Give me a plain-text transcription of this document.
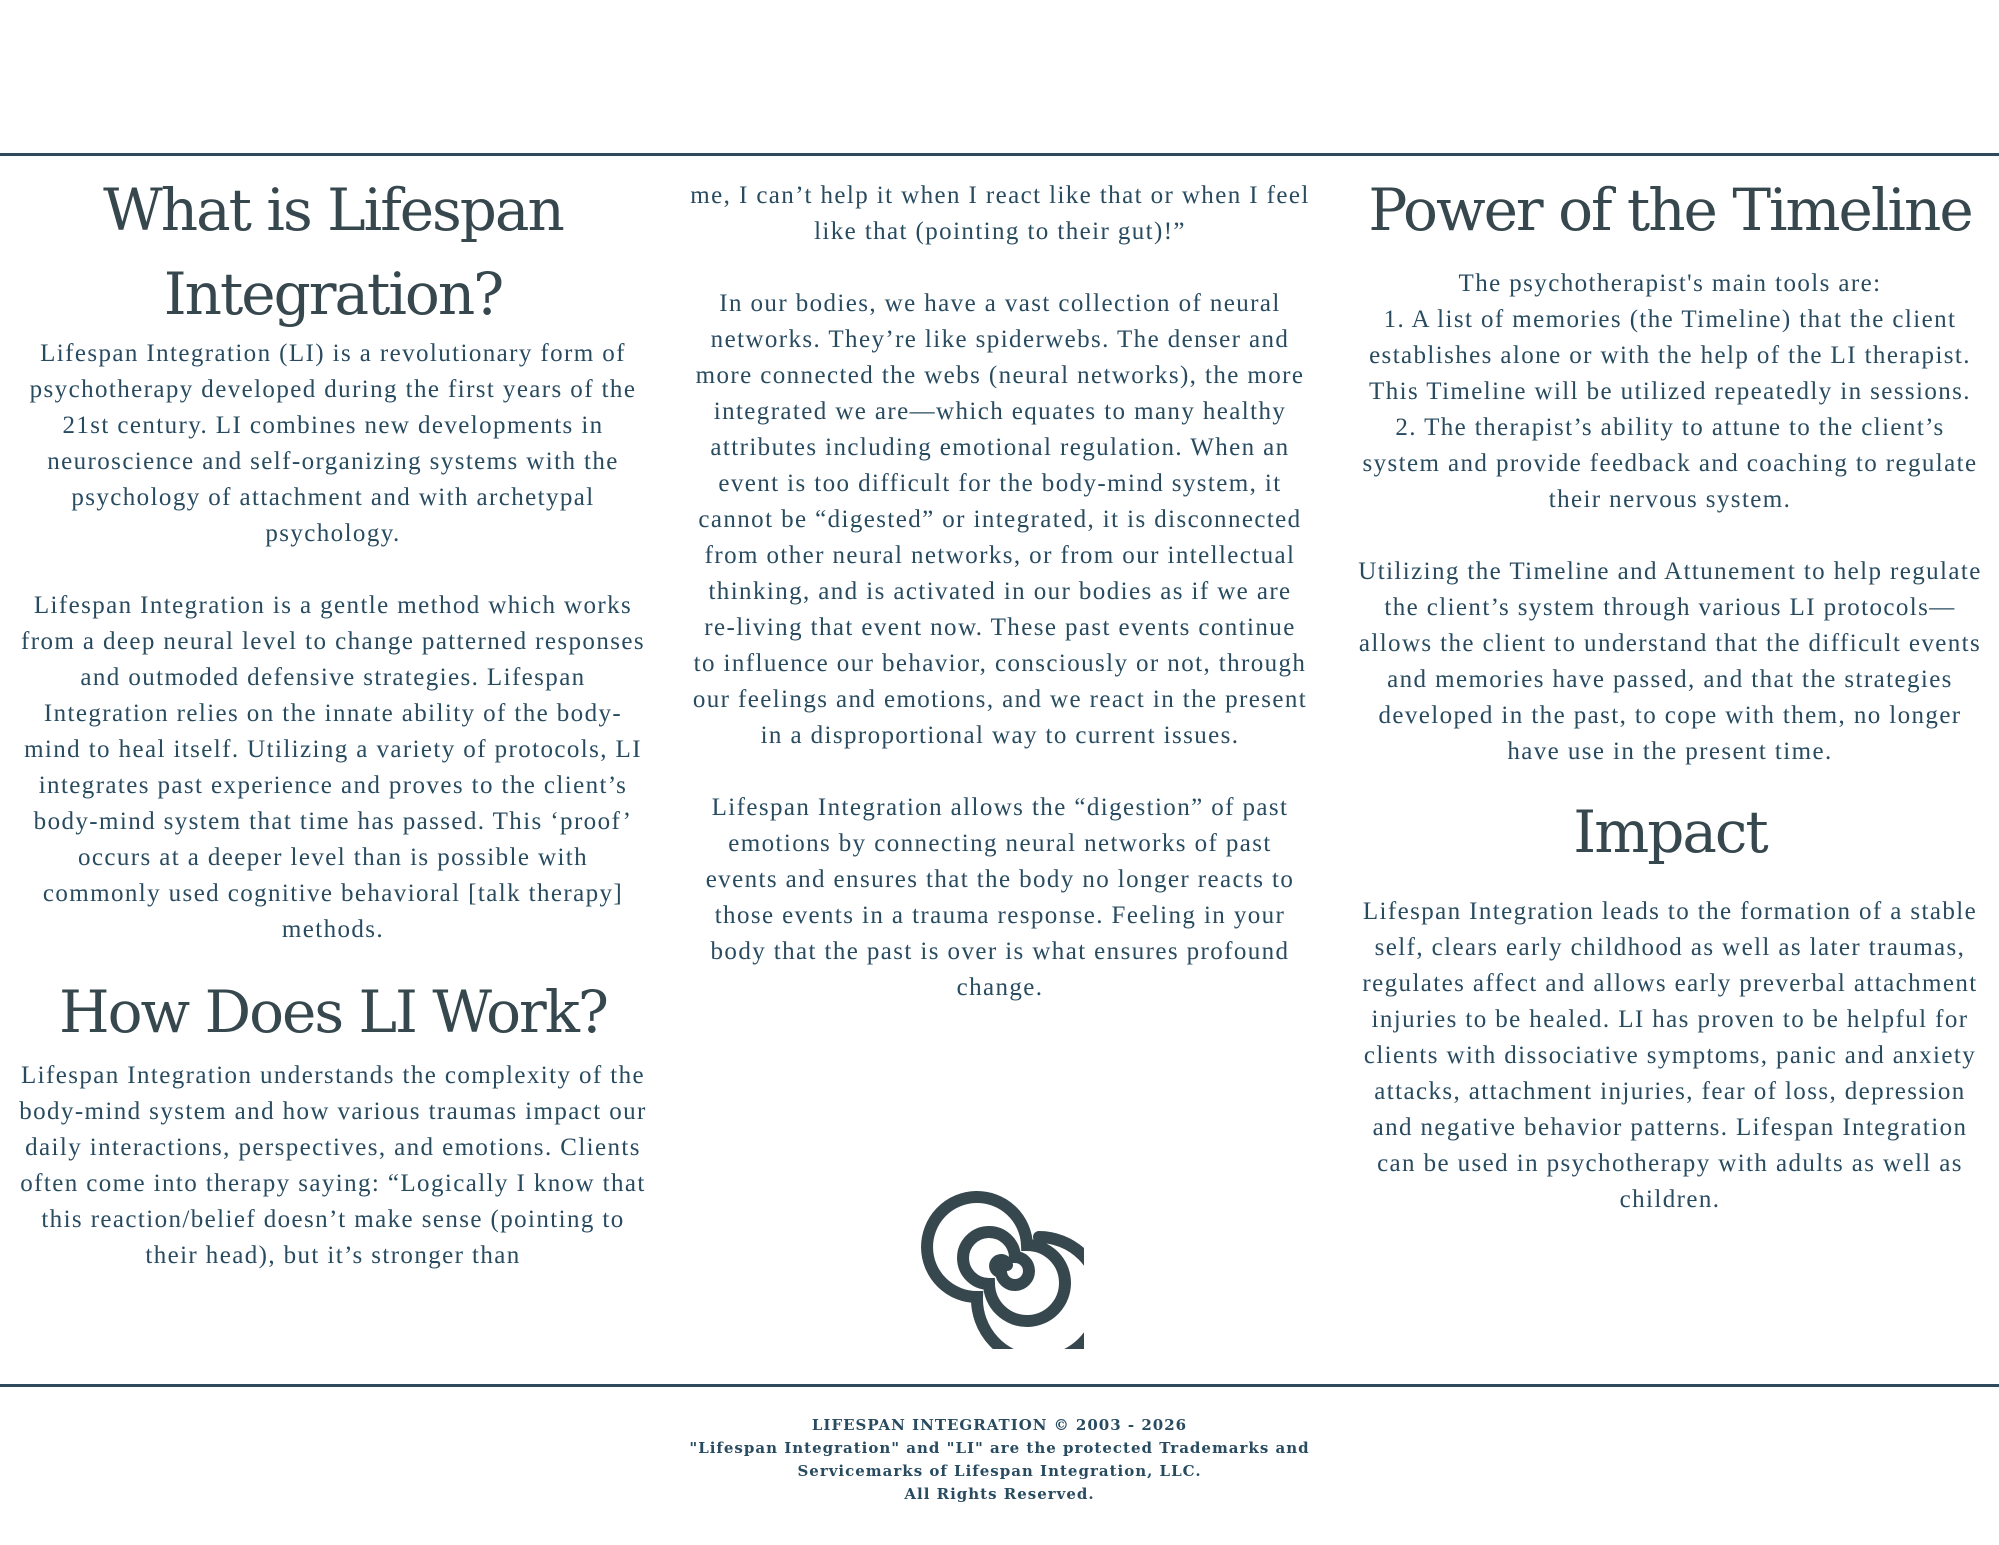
What is Lifespan Integration?

Lifespan Integration (LI) is a revolutionary form of psychotherapy developed during the first years of the 21st century. LI combines new developments in neuroscience and self-organizing systems with the psychology of attachment and with archetypal psychology.

Lifespan Integration is a gentle method which works from a deep neural level to change patterned responses and outmoded defensive strategies. Lifespan Integration relies on the innate ability of the body-mind to heal itself. Utilizing a variety of protocols, LI integrates past experience and proves to the client’s body-mind system that time has passed. This ‘proof’ occurs at a deeper level than is possible with commonly used cognitive behavioral [talk therapy] methods.

How Does LI Work?

Lifespan Integration understands the complexity of the body-mind system and how various traumas impact our daily interactions, perspectives, and emotions. Clients often come into therapy saying: “Logically I know that this reaction/belief doesn’t make sense (pointing to their head), but it’s stronger than

me, I can’t help it when I react like that or when I feel like that (pointing to their gut)!”

In our bodies, we have a vast collection of neural networks. They’re like spiderwebs. The denser and more connected the webs (neural networks), the more integrated we are—which equates to many healthy attributes including emotional regulation. When an event is too difficult for the body-mind system, it cannot be “digested” or integrated, it is disconnected from other neural networks, or from our intellectual thinking, and is activated in our bodies as if we are re-living that event now. These past events continue to influence our behavior, consciously or not, through our feelings and emotions, and we react in the present in a disproportional way to current issues.

Lifespan Integration allows the “digestion” of past emotions by connecting neural networks of past events and ensures that the body no longer reacts to those events in a trauma response. Feeling in your body that the past is over is what ensures profound change.

Power of the Timeline

The psychotherapist's main tools are:

1. A list of memories (the Timeline) that the client establishes alone or with the help of the LI therapist. This Timeline will be utilized repeatedly in sessions.

2. The therapist’s ability to attune to the client’s system and provide feedback and coaching to regulate their nervous system.

Utilizing the Timeline and Attunement to help regulate the client’s system through various LI protocols—allows the client to understand that the difficult events and memories have passed, and that the strategies developed in the past, to cope with them, no longer have use in the present time.

Impact

Lifespan Integration leads to the formation of a stable self, clears early childhood as well as later traumas, regulates affect and allows early preverbal attachment injuries to be healed. LI has proven to be helpful for clients with dissociative symptoms, panic and anxiety attacks, attachment injuries, fear of loss, depression and negative behavior patterns. Lifespan Integration can be used in psychotherapy with adults as well as children.

LIFESPAN INTEGRATION © 2003 - 2026
"Lifespan Integration" and "LI" are the protected Trademarks and
Servicemarks of Lifespan Integration, LLC.
All Rights Reserved.
